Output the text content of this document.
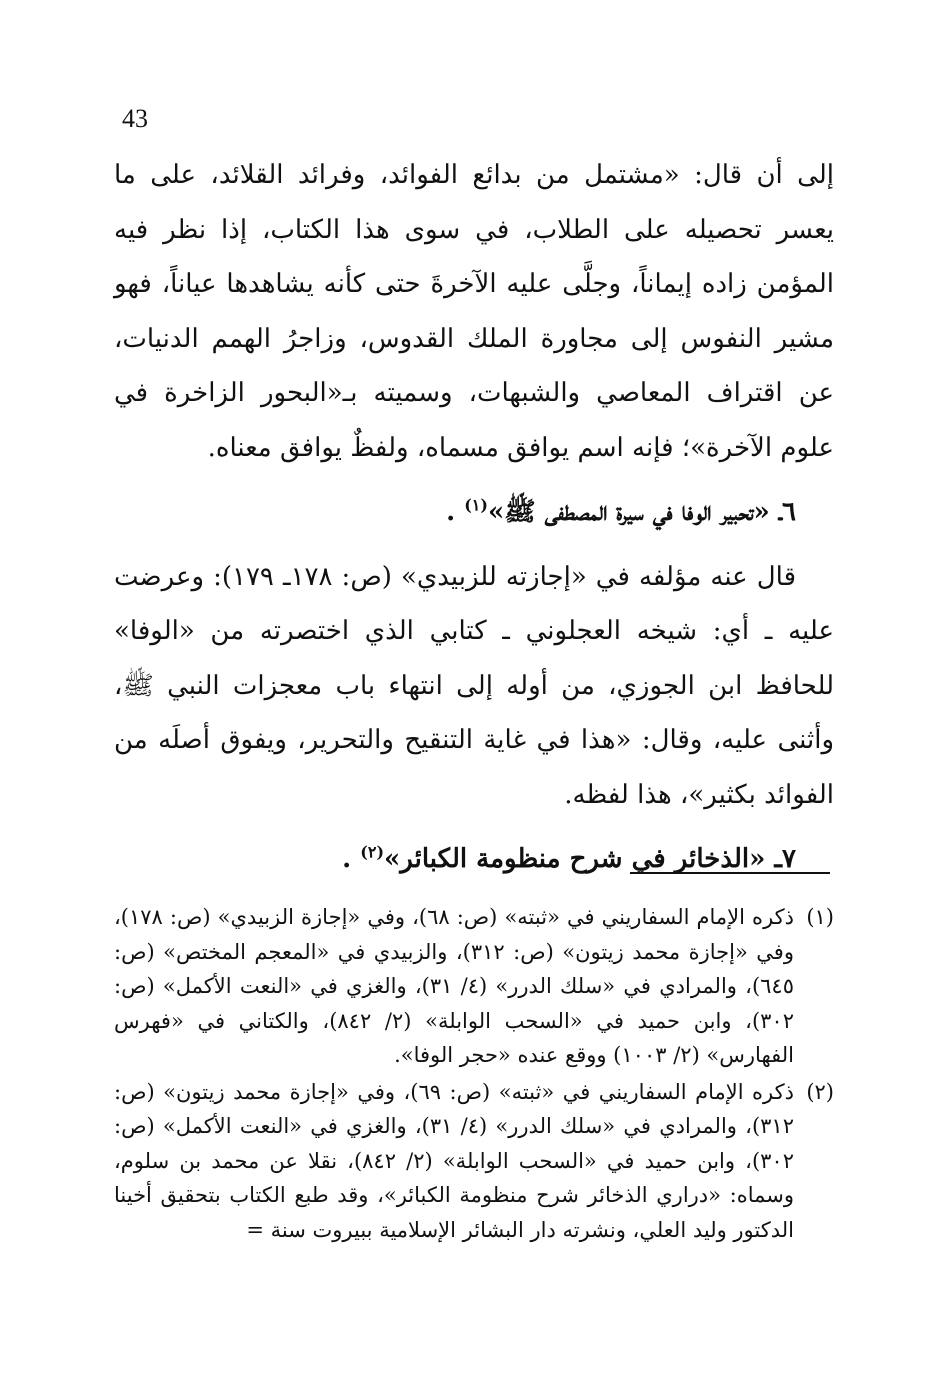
43

إلى أن قال: «مشتمل من بدائع الفوائد، وفرائد القلائد، على ما يعسر تحصيله على الطلاب، في سوى هذا الكتاب، إذا نظر فيه المؤمن زاده إيماناً، وجلَّى عليه الآخرةَ حتى كأنه يشاهدها عياناً، فهو مشير النفوس إلى مجاورة الملك القدوس، وزاجرُ الهمم الدنيات، عن اقتراف المعاصي والشبهات، وسميته بـ«البحور الزاخرة في علوم الآخرة»؛ فإنه اسم يوافق مسماه، ولفظٌ يوافق معناه.

٦ـ «تحبير الوفا في سيرة المصطفى ﷺ»$^{(١)}$ .

قال عنه مؤلفه في «إجازته للزبيدي» (ص: ١٧٨ـ ١٧٩): وعرضت عليه ـ أي: شيخه العجلوني ـ كتابي الذي اختصرته من «الوفا» للحافظ ابن الجوزي، من أوله إلى انتهاء باب معجزات النبي ﷺ، وأثنى عليه، وقال: «هذا في غاية التنقيح والتحرير، ويفوق أصلَه من الفوائد بكثير»، هذا لفظه.

٧ـ «الذخائر في شرح منظومة الكبائر»$^{(٢)}$ .

(١)
ذكره الإمام السفاريني في «ثبته» (ص: ٦٨)، وفي «إجازة الزبيدي» (ص: ١٧٨)، وفي «إجازة محمد زيتون» (ص: ٣١٢)، والزبيدي في «المعجم المختص» (ص: ٦٤٥)، والمرادي في «سلك الدرر» (٤/ ٣١)، والغزي في «النعت الأكمل» (ص: ٣٠٢)، وابن حميد في «السحب الوابلة» (٢/ ٨٤٢)، والكتاني في «فهرس الفهارس» (٢/ ١٠٠٣) ووقع عنده «حجر الوفا».
(٢)
ذكره الإمام السفاريني في «ثبته» (ص: ٦٩)، وفي «إجازة محمد زيتون» (ص: ٣١٢)، والمرادي في «سلك الدرر» (٤/ ٣١)، والغزي في «النعت الأكمل» (ص: ٣٠٢)، وابن حميد في «السحب الوابلة» (٢/ ٨٤٢)، نقلا عن محمد بن سلوم، وسماه: «دراري الذخائر شرح منظومة الكبائر»، وقد طبع الكتاب بتحقيق أخينا الدكتور وليد العلي، ونشرته دار البشائر الإسلامية ببيروت سنة =
